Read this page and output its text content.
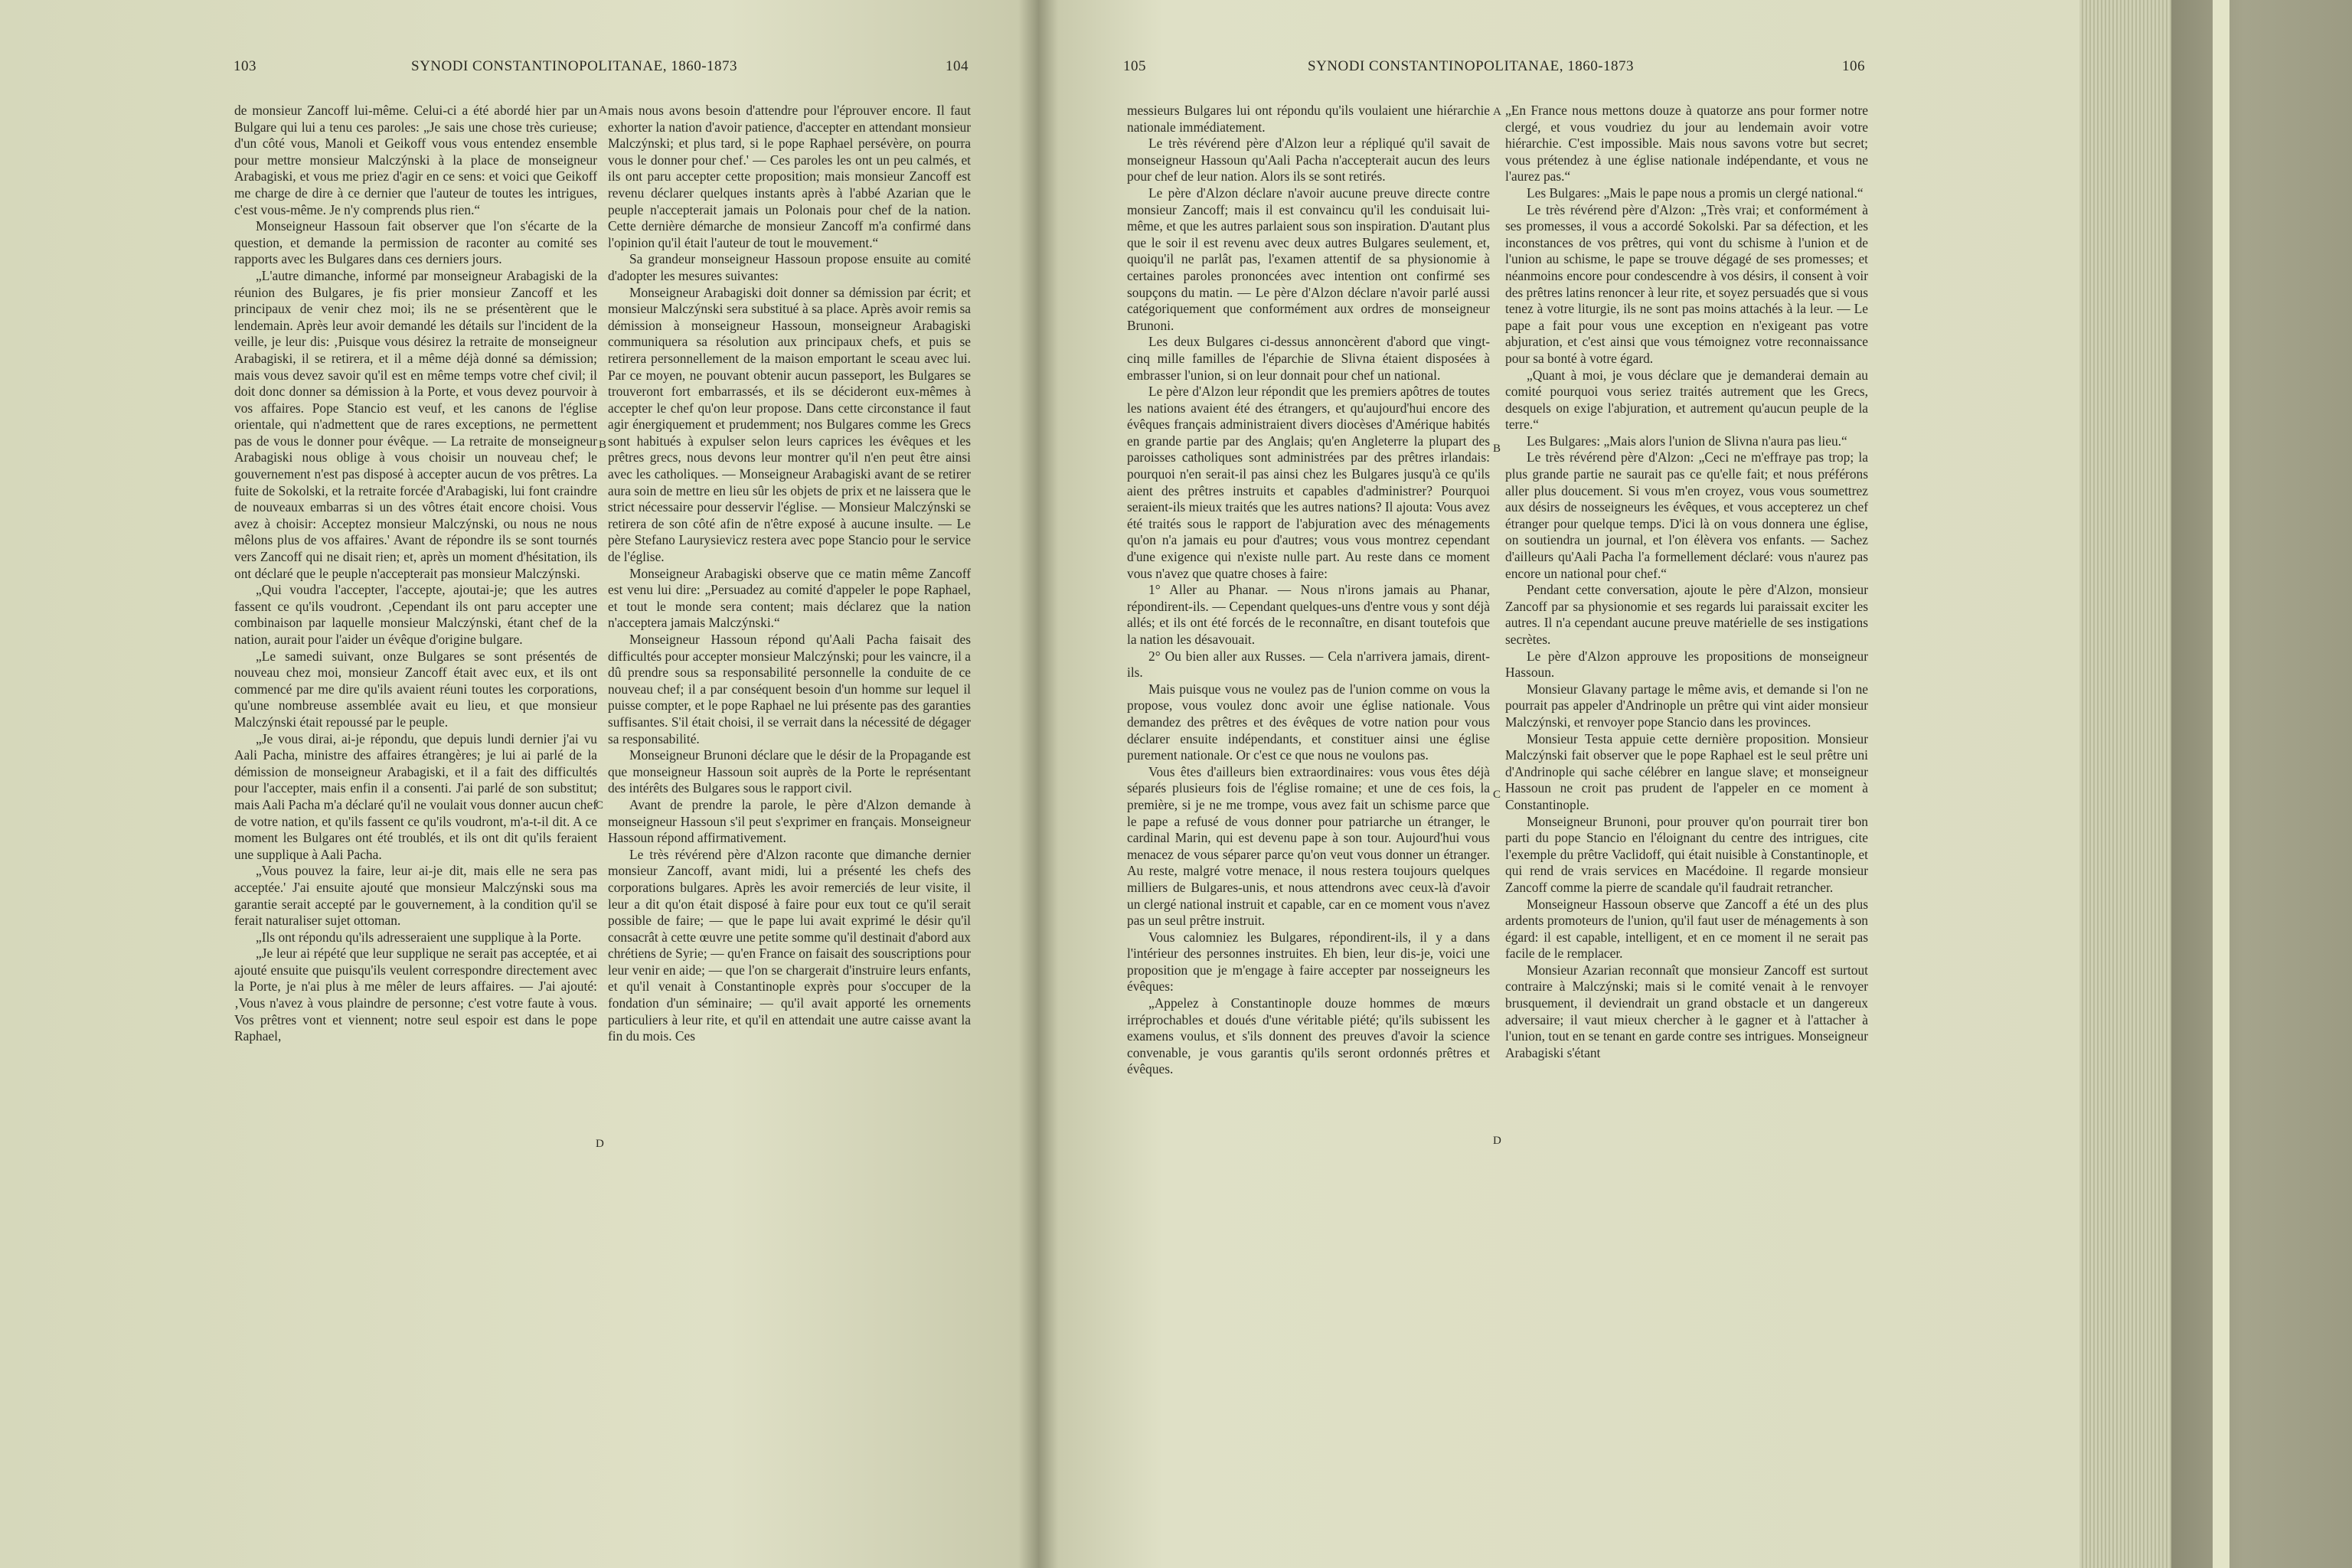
103	SYNODI CONSTANTINOPOLITANAE, 1860-1873	104

de monsieur Zancoff lui-même. Celui-ci a été abordé hier par un Bulgare qui lui a tenu ces paroles: „Je sais une chose très curieuse; d'un côté vous, Manoli et Geikoff vous vous entendez ensemble pour mettre monsieur Malczýnski à la place de monseigneur Arabagiski, et vous me priez d'agir en ce sens: et voici que Geikoff me charge de dire à ce dernier que l'auteur de toutes les intrigues, c'est vous-même. Je n'y comprends plus rien.“

Monseigneur Hassoun fait observer que l'on s'écarte de la question, et demande la permission de raconter au comité ses rapports avec les Bulgares dans ces derniers jours.

„L'autre dimanche, informé par monseigneur Arabagiski de la réunion des Bulgares, je fis prier monsieur Zancoff et les principaux de venir chez moi; ils ne se présentèrent que le lendemain. Après leur avoir demandé les détails sur l'incident de la veille, je leur dis: ‚Puisque vous désirez la retraite de monseigneur Arabagiski, il se retirera, et il a même déjà donné sa démission; mais vous devez savoir qu'il est en même temps votre chef civil; il doit donc donner sa démission à la Porte, et vous devez pourvoir à vos affaires. Pope Stancio est veuf, et les canons de l'église orientale, qui n'admettent que de rares exceptions, ne permettent pas de vous le donner pour évêque. — La retraite de monseigneur Arabagiski nous oblige à vous choisir un nouveau chef; le gouvernement n'est pas disposé à accepter aucun de vos prêtres. La fuite de Sokolski, et la retraite forcée d'Arabagiski, lui font craindre de nouveaux embarras si un des vôtres était encore choisi. Vous avez à choisir: Acceptez monsieur Malczýnski, ou nous ne nous mêlons plus de vos affaires.' Avant de répondre ils se sont tournés vers Zancoff qui ne disait rien; et, après un moment d'hésitation, ils ont déclaré que le peuple n'accepterait pas monsieur Malczýnski.

„Qui voudra l'accepter, l'accepte, ajoutai-je; que les autres fassent ce qu'ils voudront. ‚Cependant ils ont paru accepter une combinaison par laquelle monsieur Malczýnski, étant chef de la nation, aurait pour l'aider un évêque d'origine bulgare.

„Le samedi suivant, onze Bulgares se sont présentés de nouveau chez moi, monsieur Zancoff était avec eux, et ils ont commencé par me dire qu'ils avaient réuni toutes les corporations, qu'une nombreuse assemblée avait eu lieu, et que monsieur Malczýnski était repoussé par le peuple.

„Je vous dirai, ai-je répondu, que depuis lundi dernier j'ai vu Aali Pacha, ministre des affaires étrangères; je lui ai parlé de la démission de monseigneur Arabagiski, et il a fait des difficultés pour l'accepter, mais enfin il a consenti. J'ai parlé de son substitut; mais Aali Pacha m'a déclaré qu'il ne voulait vous donner aucun chef de votre nation, et qu'ils fassent ce qu'ils voudront, m'a-t-il dit. A ce moment les Bulgares ont été troublés, et ils ont dit qu'ils feraient une supplique à Aali Pacha.

„Vous pouvez la faire, leur ai-je dit, mais elle ne sera pas acceptée.' J'ai ensuite ajouté que monsieur Malczýnski sous ma garantie serait accepté par le gouvernement, à la condition qu'il se ferait naturaliser sujet ottoman.

„Ils ont répondu qu'ils adresseraient une supplique à la Porte.

„Je leur ai répété que leur supplique ne serait pas acceptée, et ai ajouté ensuite que puisqu'ils veulent correspondre directement avec la Porte, je n'ai plus à me mêler de leurs affaires. — J'ai ajouté: ‚Vous n'avez à vous plaindre de personne; c'est votre faute à vous. Vos prêtres vont et viennent; notre seul espoir est dans le pope Raphael,

A
B
C
D

mais nous avons besoin d'attendre pour l'éprouver encore. Il faut exhorter la nation d'avoir patience, d'accepter en attendant monsieur Malczýnski; et plus tard, si le pope Raphael persévère, on pourra vous le donner pour chef.' — Ces paroles les ont un peu calmés, et ils ont paru accepter cette proposition; mais monsieur Zancoff est revenu déclarer quelques instants après à l'abbé Azarian que le peuple n'accepterait jamais un Polonais pour chef de la nation. Cette dernière démarche de monsieur Zancoff m'a confirmé dans l'opinion qu'il était l'auteur de tout le mouvement.“

Sa grandeur monseigneur Hassoun propose ensuite au comité d'adopter les mesures suivantes:

Monseigneur Arabagiski doit donner sa démission par écrit; et monsieur Malczýnski sera substitué à sa place. Après avoir remis sa démission à monseigneur Hassoun, monseigneur Arabagiski communiquera sa résolution aux principaux chefs, et puis se retirera personnellement de la maison emportant le sceau avec lui. Par ce moyen, ne pouvant obtenir aucun passeport, les Bulgares se trouveront fort embarrassés, et ils se décideront eux-mêmes à accepter le chef qu'on leur propose. Dans cette circonstance il faut agir énergiquement et prudemment; nos Bulgares comme les Grecs sont habitués à expulser selon leurs caprices les évêques et les prêtres grecs, nous devons leur montrer qu'il n'en peut être ainsi avec les catholiques. — Monseigneur Arabagiski avant de se retirer aura soin de mettre en lieu sûr les objets de prix et ne laissera que le strict nécessaire pour desservir l'église. — Monsieur Malczýnski se retirera de son côté afin de n'être exposé à aucune insulte. — Le père Stefano Laurysievicz restera avec pope Stancio pour le service de l'église.

Monseigneur Arabagiski observe que ce matin même Zancoff est venu lui dire: „Persuadez au comité d'appeler le pope Raphael, et tout le monde sera content; mais déclarez que la nation n'acceptera jamais Malczýnski.“

Monseigneur Hassoun répond qu'Aali Pacha faisait des difficultés pour accepter monsieur Malczýnski; pour les vaincre, il a dû prendre sous sa responsabilité personnelle la conduite de ce nouveau chef; il a par conséquent besoin d'un homme sur lequel il puisse compter, et le pope Raphael ne lui présente pas des garanties suffisantes. S'il était choisi, il se verrait dans la nécessité de dégager sa responsabilité.

Monseigneur Brunoni déclare que le désir de la Propagande est que monseigneur Hassoun soit auprès de la Porte le représentant des intérêts des Bulgares sous le rapport civil.

Avant de prendre la parole, le père d'Alzon demande à monseigneur Hassoun s'il peut s'exprimer en français. Monseigneur Hassoun répond affirmativement.

Le très révérend père d'Alzon raconte que dimanche dernier monsieur Zancoff, avant midi, lui a présenté les chefs des corporations bulgares. Après les avoir remerciés de leur visite, il leur a dit qu'on était disposé à faire pour eux tout ce qu'il serait possible de faire; — que le pape lui avait exprimé le désir qu'il consacrât à cette œuvre une petite somme qu'il destinait d'abord aux chrétiens de Syrie; — qu'en France on faisait des souscriptions pour leur venir en aide; — que l'on se chargerait d'instruire leurs enfants, et qu'il venait à Constantinople exprès pour s'occuper de la fondation d'un séminaire; — qu'il avait apporté les ornements particuliers à leur rite, et qu'il en attendait une autre caisse avant la fin du mois. Ces

105	SYNODI CONSTANTINOPOLITANAE, 1860-1873	106

messieurs Bulgares lui ont répondu qu'ils voulaient une hiérarchie nationale immédiatement.

Le très révérend père d'Alzon leur a répliqué qu'il savait de monseigneur Hassoun qu'Aali Pacha n'accepterait aucun des leurs pour chef de leur nation. Alors ils se sont retirés.

Le père d'Alzon déclare n'avoir aucune preuve directe contre monsieur Zancoff; mais il est convaincu qu'il les conduisait lui-même, et que les autres parlaient sous son inspiration. D'autant plus que le soir il est revenu avec deux autres Bulgares seulement, et, quoiqu'il ne parlât pas, l'examen attentif de sa physionomie à certaines paroles prononcées avec intention ont confirmé ses soupçons du matin. — Le père d'Alzon déclare n'avoir parlé aussi catégoriquement que conformément aux ordres de monseigneur Brunoni.

Les deux Bulgares ci-dessus annoncèrent d'abord que vingt-cinq mille familles de l'éparchie de Slivna étaient disposées à embrasser l'union, si on leur donnait pour chef un national.

Le père d'Alzon leur répondit que les premiers apôtres de toutes les nations avaient été des étrangers, et qu'aujourd'hui encore des évêques français administraient divers diocèses d'Amérique habités en grande partie par des Anglais; qu'en Angleterre la plupart des paroisses catholiques sont administrées par des prêtres irlandais: pourquoi n'en serait-il pas ainsi chez les Bulgares jusqu'à ce qu'ils aient des prêtres instruits et capables d'administrer? Pourquoi seraient-ils mieux traités que les autres nations? Il ajouta: Vous avez été traités sous le rapport de l'abjuration avec des ménagements qu'on n'a jamais eu pour d'autres; vous vous montrez cependant d'une exigence qui n'existe nulle part. Au reste dans ce moment vous n'avez que quatre choses à faire:

1° Aller au Phanar. — Nous n'irons jamais au Phanar, répondirent-ils. — Cependant quelques-uns d'entre vous y sont déjà allés; et ils ont été forcés de le reconnaître, en disant toutefois que la nation les désavouait.

2° Ou bien aller aux Russes. — Cela n'arrivera jamais, dirent-ils.

Mais puisque vous ne voulez pas de l'union comme on vous la propose, vous voulez donc avoir une église nationale. Vous demandez des prêtres et des évêques de votre nation pour vous déclarer ensuite indépendants, et constituer ainsi une église purement nationale. Or c'est ce que nous ne voulons pas.

Vous êtes d'ailleurs bien extraordinaires: vous vous êtes déjà séparés plusieurs fois de l'église romaine; et une de ces fois, la première, si je ne me trompe, vous avez fait un schisme parce que le pape a refusé de vous donner pour patriarche un étranger, le cardinal Marin, qui est devenu pape à son tour. Aujourd'hui vous menacez de vous séparer parce qu'on veut vous donner un étranger. Au reste, malgré votre menace, il nous restera toujours quelques milliers de Bulgares-unis, et nous attendrons avec ceux-là d'avoir un clergé national instruit et capable, car en ce moment vous n'avez pas un seul prêtre instruit.

Vous calomniez les Bulgares, répondirent-ils, il y a dans l'intérieur des personnes instruites. Eh bien, leur dis-je, voici une proposition que je m'engage à faire accepter par nosseigneurs les évêques:

„Appelez à Constantinople douze hommes de mœurs irréprochables et doués d'une véritable piété; qu'ils subissent les examens voulus, et s'ils donnent des preuves d'avoir la science convenable, je vous garantis qu'ils seront ordonnés prêtres et évêques.

A
B
C
D

„En France nous mettons douze à quatorze ans pour former notre clergé, et vous voudriez du jour au lendemain avoir votre hiérarchie. C'est impossible. Mais nous savons votre but secret; vous prétendez à une église nationale indépendante, et vous ne l'aurez pas.“

Les Bulgares: „Mais le pape nous a promis un clergé national.“

Le très révérend père d'Alzon: „Très vrai; et conformément à ses promesses, il vous a accordé Sokolski. Par sa défection, et les inconstances de vos prêtres, qui vont du schisme à l'union et de l'union au schisme, le pape se trouve dégagé de ses promesses; et néanmoins encore pour condescendre à vos désirs, il consent à voir des prêtres latins renoncer à leur rite, et soyez persuadés que si vous tenez à votre liturgie, ils ne sont pas moins attachés à la leur. — Le pape a fait pour vous une exception en n'exigeant pas votre abjuration, et c'est ainsi que vous témoignez votre reconnaissance pour sa bonté à votre égard.

„Quant à moi, je vous déclare que je demanderai demain au comité pourquoi vous seriez traités autrement que les Grecs, desquels on exige l'abjuration, et autrement qu'aucun peuple de la terre.“

Les Bulgares: „Mais alors l'union de Slivna n'aura pas lieu.“

Le très révérend père d'Alzon: „Ceci ne m'effraye pas trop; la plus grande partie ne saurait pas ce qu'elle fait; et nous préférons aller plus doucement. Si vous m'en croyez, vous vous soumettrez aux désirs de nosseigneurs les évêques, et vous accepterez un chef étranger pour quelque temps. D'ici là on vous donnera une église, on soutiendra un journal, et l'on élèvera vos enfants. — Sachez d'ailleurs qu'Aali Pacha l'a formellement déclaré: vous n'aurez pas encore un national pour chef.“

Pendant cette conversation, ajoute le père d'Alzon, monsieur Zancoff par sa physionomie et ses regards lui paraissait exciter les autres. Il n'a cependant aucune preuve matérielle de ses instigations secrètes.

Le père d'Alzon approuve les propositions de monseigneur Hassoun.

Monsieur Glavany partage le même avis, et demande si l'on ne pourrait pas appeler d'Andrinople un prêtre qui vint aider monsieur Malczýnski, et renvoyer pope Stancio dans les provinces.

Monsieur Testa appuie cette dernière proposition. Monsieur Malczýnski fait observer que le pope Raphael est le seul prêtre uni d'Andrinople qui sache célébrer en langue slave; et monseigneur Hassoun ne croit pas prudent de l'appeler en ce moment à Constantinople.

Monseigneur Brunoni, pour prouver qu'on pourrait tirer bon parti du pope Stancio en l'éloignant du centre des intrigues, cite l'exemple du prêtre Vaclidoff, qui était nuisible à Constantinople, et qui rend de vrais services en Macédoine. Il regarde monsieur Zancoff comme la pierre de scandale qu'il faudrait retrancher.

Monseigneur Hassoun observe que Zancoff a été un des plus ardents promoteurs de l'union, qu'il faut user de ménagements à son égard: il est capable, intelligent, et en ce moment il ne serait pas facile de le remplacer.

Monsieur Azarian reconnaît que monsieur Zancoff est surtout contraire à Malczýnski; mais si le comité venait à le renvoyer brusquement, il deviendrait un grand obstacle et un dangereux adversaire; il vaut mieux chercher à le gagner et à l'attacher à l'union, tout en se tenant en garde contre ses intrigues. Monseigneur Arabagiski s'étant
